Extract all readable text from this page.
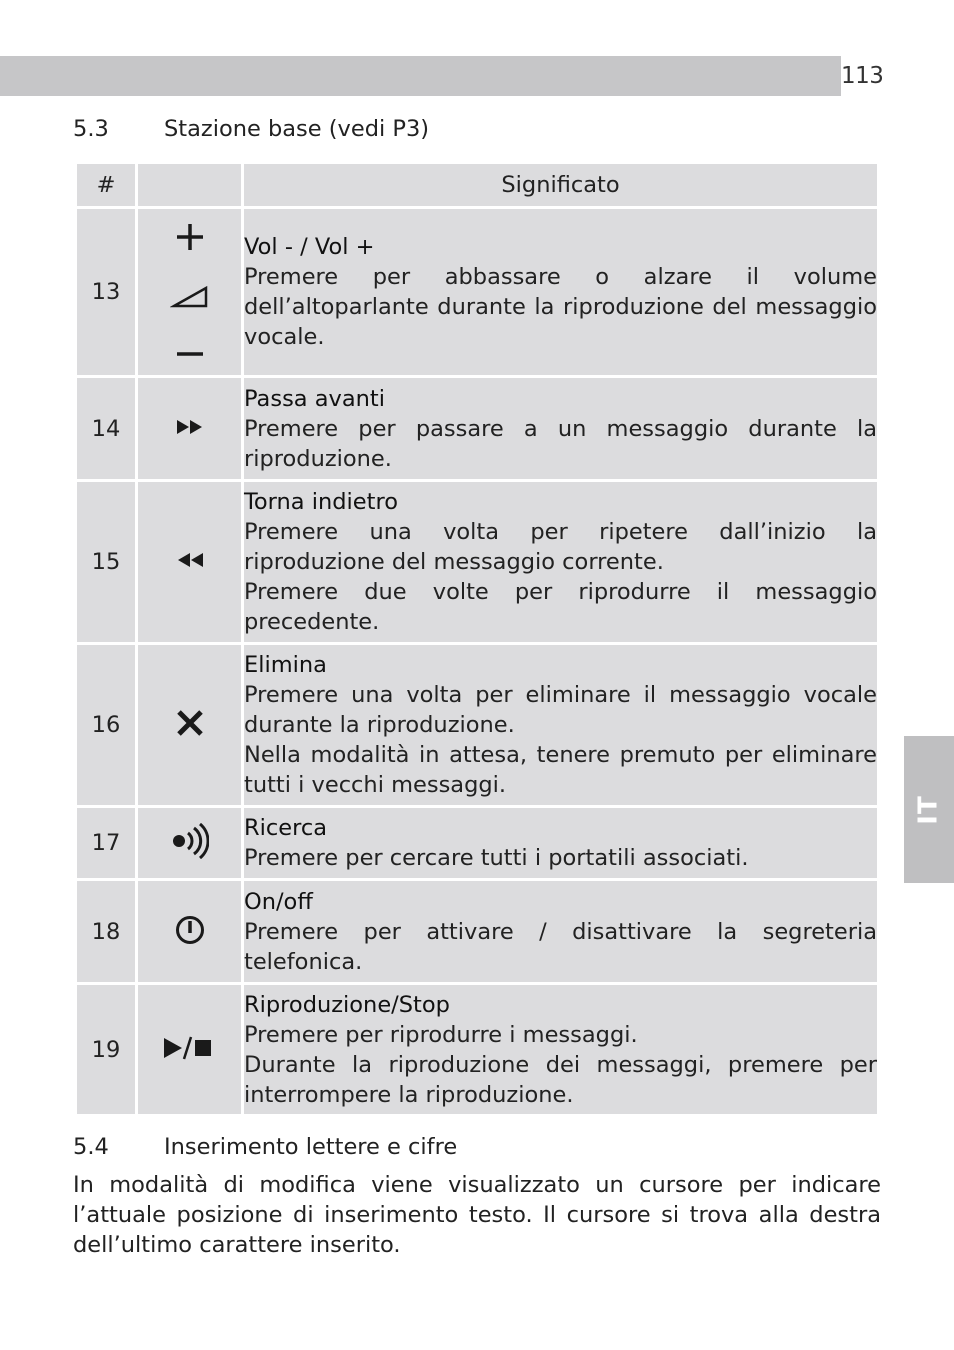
113
IT
5.3 Stazione base (vedi P3)
#		Significato
13		Vol - / Vol +
Premere per abbassare o alzare il volume dell’altoparlante durante la riproduzione del messaggio vocale.

14		Passa avanti
Premere per passare a un messaggio durante la riproduzione.

15		Torna indietro
Premere una volta per ripetere dall’inizio la riproduzione del messaggio corrente.
Premere due volte per riprodurre il messaggio precedente.

16		Elimina
Premere una volta per eliminare il messaggio vocale durante la riproduzione.
Nella modalità in attesa, tenere premuto per eliminare tutti i vecchi messaggi.

17		Ricerca
Premere per cercare tutti i portatili associati.

18		On/off
Premere per attivare / disattivare la segreteria telefonica.

19		Riproduzione/Stop
Premere per riprodurre i messaggi.
Durante la riproduzione dei messaggi, premere per interrompere la riproduzione.
5.4 Inserimento lettere e cifre
In modalità di modifica viene visualizzato un cursore per indicare l’attuale posizione di inserimento testo. Il cursore si trova alla destra dell’ultimo carattere inserito.
